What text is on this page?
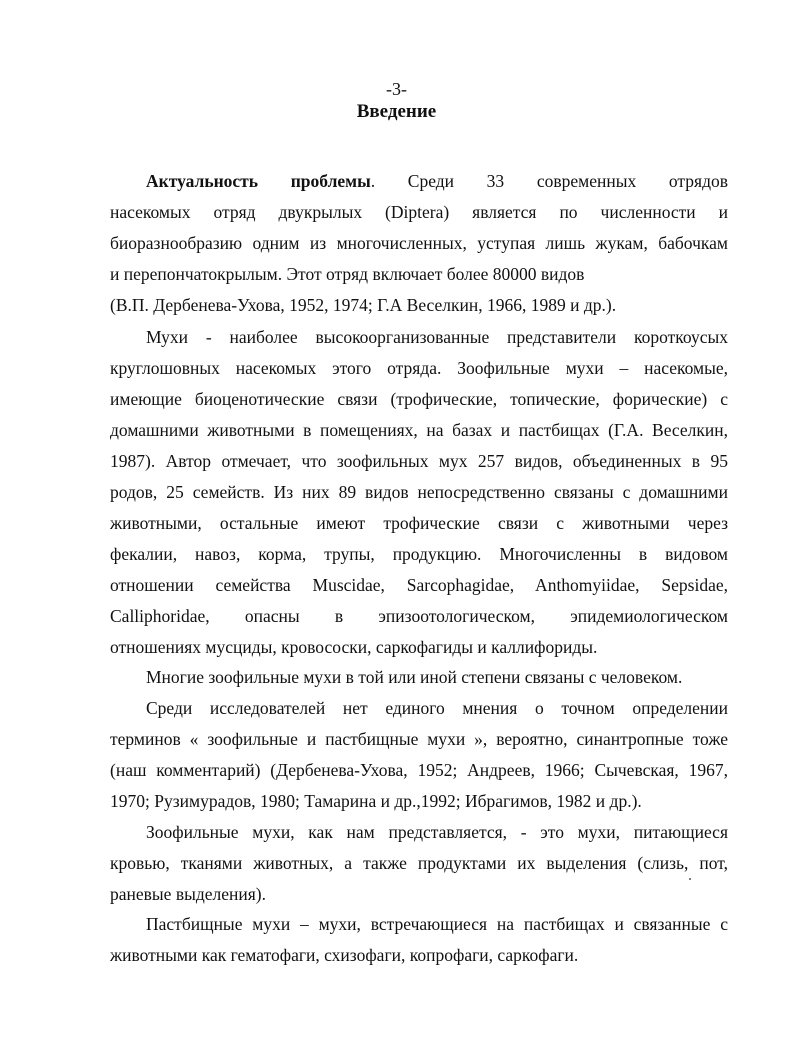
-3-
Введение
Актуальность проблемы. Среди 33 современных отрядов
насекомых отряд двукрылых (Diptera) является по численности и
биоразнообразию одним из многочисленных, уступая лишь жукам, бабочкам
и перепончатокрылым. Этот отряд включает более 80000 видов
(В.П. Дербенева-Ухова, 1952, 1974; Г.А Веселкин, 1966, 1989 и др.).
Мухи - наиболее высокоорганизованные представители короткоусых
круглошовных насекомых этого отряда. Зоофильные мухи – насекомые,
имеющие биоценотические связи (трофические, топические, форические) с
домашними животными в помещениях, на базах и пастбищах (Г.А. Веселкин,
1987). Автор отмечает, что зоофильных мух 257 видов, объединенных в 95
родов, 25 семейств. Из них 89 видов непосредственно связаны с домашними
животными, остальные имеют трофические связи с животными через
фекалии, навоз, корма, трупы, продукцию. Многочисленны в видовом
отношении семейства Muscidae, Sarcophagidae, Anthomyiidae, Sepsidae,
Calliphoridae, опасны в эпизоотологическом, эпидемиологическом
отношениях мусциды, кровососки, саркофагиды и каллифориды.
Многие зоофильные мухи в той или иной степени связаны с человеком.
Среди исследователей нет единого мнения о точном определении
терминов « зоофильные и пастбищные мухи », вероятно, синантропные тоже
(наш комментарий) (Дербенева-Ухова, 1952; Андреев, 1966; Сычевская, 1967,
1970; Рузимурадов, 1980; Тамарина и др.,1992; Ибрагимов, 1982 и др.).
Зоофильные мухи, как нам представляется, - это мухи, питающиеся
кровью, тканями животных, а также продуктами их выделения (слизь, пот,
раневые выделения).
Пастбищные мухи – мухи, встречающиеся на пастбищах и связанные с
животными как гематофаги, схизофаги, копрофаги, саркофаги.
